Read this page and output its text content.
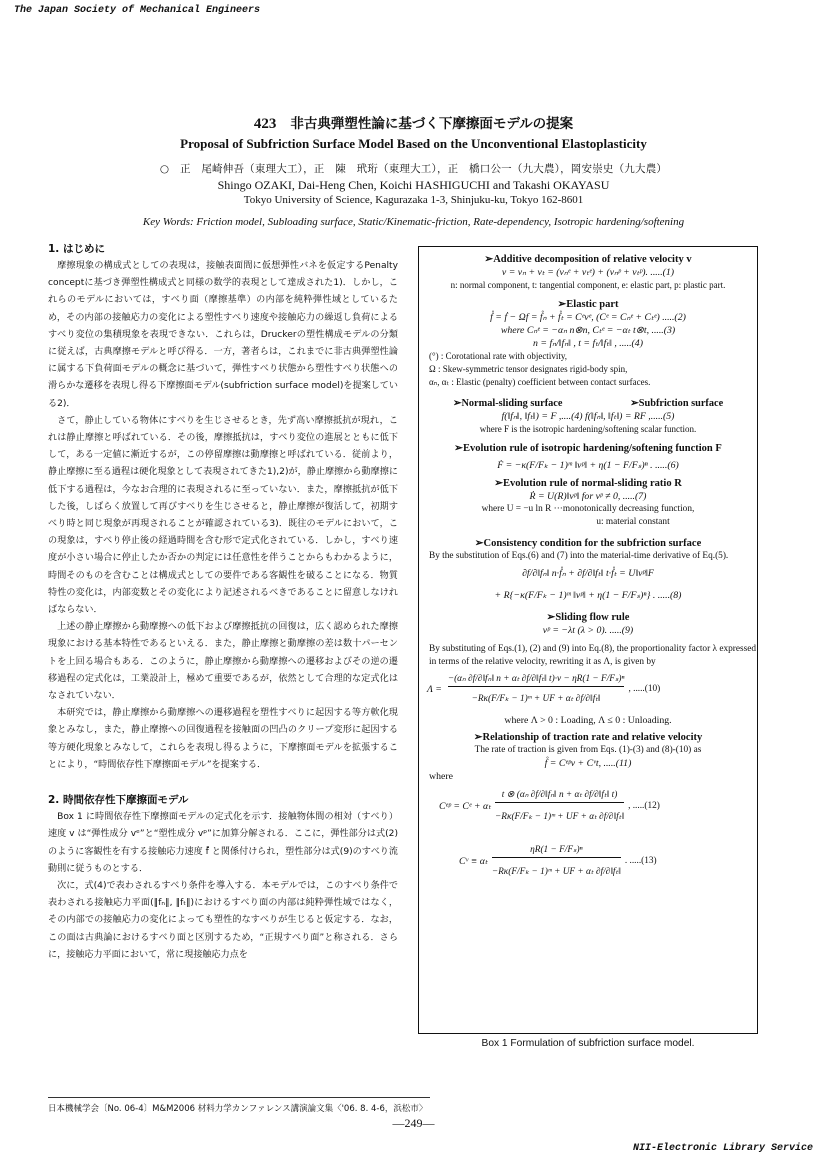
The Japan Society of Mechanical Engineers
423 非古典弾塑性論に基づく下摩擦面モデルの提案
Proposal of Subfriction Surface Model Based on the Unconventional Elastoplasticity
○　正　尾崎伸吾（東理大工），正　陳　玳珩（東理大工），正　橋口公一（九大農），岡安崇史（九大農）
Shingo OZAKI, Dai-Heng Chen, Koichi HASHIGUCHI and Takashi OKAYASU
Tokyo University of Science, Kagurazaka 1-3, Shinjuku-ku, Tokyo 162-8601
Key Words: Friction model, Subloading surface, Static/Kinematic-friction, Rate-dependency, Isotropic hardening/softening
1. はじめに

摩擦現象の構成式としての表現は，接触表面間に仮想弾性バネを仮定するPenalty conceptに基づき弾塑性構成式と同様の数学的表現として達成された1)．しかし，これらのモデルにおいては，すべり面（摩擦基準）の内部を純粋弾性域としているため，その内部の接触応力の変化による塑性すべり速度や接触応力の繰返し負荷によるすべり変位の集積現象を表現できない．これらは，Druckerの塑性構成モデルの分類に従えば，古典摩擦モデルと呼び得る．一方，著者らは，これまでに非古典弾塑性論に属する下負荷面モデルの概念に基づいて，弾性すべり状態から塑性すべり状態への滑らかな遷移を表現し得る下摩擦面モデル(subfriction surface model)を提案している2)．

さて，静止している物体にすべりを生じさせるとき，先ず高い摩擦抵抗が現れ，これは静止摩擦と呼ばれている．その後，摩擦抵抗は，すべり変位の進展とともに低下して，ある一定値に漸近するが，この停留摩擦は動摩擦と呼ばれている．従前より，静止摩擦に至る過程は硬化現象として表現されてきた1),2)が，静止摩擦から動摩擦に低下する過程は，今なお合理的に表現されるに至っていない．また，摩擦抵抗が低下した後，しばらく放置して再びすべりを生じさせると，静止摩擦が復活して，初期すべり時と同じ現象が再現されることが確認されている3)．既往のモデルにおいて，この現象は，すべり停止後の経過時間を含む形で定式化されている．しかし，すべり速度が小さい場合に停止したか否かの判定には任意性を伴うことからもわかるように，時間そのものを含むことは構成式としての要件である客観性を破ることになる．物質特性の変化は，内部変数とその変化により記述されるべきであることに留意しなければならない．

上述の静止摩擦から動摩擦への低下および摩擦抵抗の回復は，広く認められた摩擦現象における基本特性であるといえる．また，静止摩擦と動摩擦の差は数十パーセントを上回る場合もある．このように，静止摩擦から動摩擦への遷移およびその逆の遷移過程の定式化は，工業設計上，極めて重要であるが，依然として合理的な定式化はなされていない．

本研究では，静止摩擦から動摩擦への遷移過程を塑性すべりに起因する等方軟化現象とみなし，また，静止摩擦への回復過程を接触面の凹凸のクリープ変形に起因する等方硬化現象とみなして，これらを表現し得るように，下摩擦面モデルを拡張することにより，“時間依存性下摩擦面モデル”を提案する．

2. 時間依存性下摩擦面モデル

Box 1 に時間依存性下摩擦面モデルの定式化を示す．接触物体間の相対（すべり）速度 v は“弾性成分 vᵉ”と“塑性成分 vᵖ”に加算分解される．ここに，弾性部分は式(2)のように客観性を有する接触応力速度 f̊ と関係付けられ，塑性部分は式(9)のすべり流動則に従うものとする．

次に，式(4)で表わされるすべり条件を導入する．本モデルでは，このすべり条件で表わされる接触応力平面(‖fₙ‖, ‖fₜ‖)におけるすべり面の内部は純粋弾性域ではなく，その内部での接触応力の変化によっても塑性的なすべりが生じると仮定する．なお，この面は古典論におけるすべり面と区別するため，“正規すべり面”と称される．さらに，接触応力平面において，常に現接触応力点を

➢Additive decomposition of relative velocity v
v = vₙ + vₜ = (vₙᵉ + vₜᵉ) + (vₙᵖ + vₜᵖ). .....(1)
n: normal component, t: tangential component, e: elastic part, p: plastic part.
➢Elastic part
f̊ = ḟ − Ωf = f̊ₙ + f̊ₜ = Cᵉvᵉ, (Cᵉ = Cₙᵉ + Cₜᵉ) .....(2)
where Cₙᵉ = −αₙ n⊗n, Cₜᵉ = −αₜ t⊗t, .....(3)
n = fₙ/‖fₙ‖ , t = fₜ/‖fₜ‖ , .....(4)
(°) : Corotational rate with objectivity,
Ω : Skew-symmetric tensor designates rigid-body spin,
αₙ, αₜ : Elastic (penalty) coefficient between contact surfaces.
➢Normal-sliding surface	➢Subfriction surface
f(‖fₙ‖, ‖fₜ‖) = F ,....(4) f(‖fₙ‖, ‖fₜ‖) = RF ,.....(5)
where F is the isotropic hardening/softening scalar function.
➢Evolution rule of isotropic hardening/softening function F
Ḟ = −κ(F/Fₖ − 1)ᵐ ‖vᵖ‖ + η(1 − F/Fₛ)ⁿ . .....(6)
➢Evolution rule of normal-sliding ratio R
Ṙ = U(R)‖vᵖ‖ for vᵖ ≠ 0, .....(7)
where U = −u ln R ···monotonically decreasing function,
u: material constant
➢Consistency condition for the subfriction surface
By the substitution of Eqs.(6) and (7) into the material-time derivative of Eq.(5).
∂f/∂‖fₙ‖ n·f̊ₙ + ∂f/∂‖fₜ‖ t·f̊ₜ = U‖vᵖ‖F
+ R{−κ(F/Fₖ − 1)ᵐ ‖vᵖ‖ + η(1 − F/Fₛ)ⁿ} . .....(8)
➢Sliding flow rule
vᵖ = −λt (λ > 0). .....(9)
By substituting of Eqs.(1), (2) and (9) into Eq.(8), the proportionality factor λ expressed in terms of the relative velocity, rewriting it as Λ, is given by
$\Lambda = \frac{\text{−(αₙ ∂f/∂‖fₙ‖ n + αₜ ∂f/∂‖fₜ‖ t)·v − ηR(1 − F/Fₛ)ⁿ}}{\text{−Rκ(F/Fₖ − 1)ᵐ + UF + αₜ ∂f/∂‖fₜ‖}}$ , .....(10)
where Λ > 0 : Loading, Λ ≤ 0 : Unloading.
➢Relationship of traction rate and relative velocity
The rate of traction is given from Eqs. (1)-(3) and (8)-(10) as
f̊ = Cᵉᵖv + Cᵛt, .....(11)
where
Cᵉᵖ = Cᵉ + αₜ $\frac{\text{t ⊗ (αₙ ∂f/∂‖fₙ‖ n + αₜ ∂f/∂‖fₜ‖ t)}}{\text{−Rκ(F/Fₖ − 1)ᵐ + UF + αₜ ∂f/∂‖fₜ‖}}$ , .....(12)
Cᵛ ≡ αₜ $\frac{\text{ηR(1 − F/Fₛ)ⁿ}}{\text{−Rκ(F/Fₖ − 1)ᵐ + UF + αₜ ∂f/∂‖fₜ‖}}$ . .....(13)
Box 1 Formulation of subfriction surface model.
日本機械学会〔No. 06-4〕M&M2006 材料力学カンファレンス講演論文集〈'06. 8. 4-6，浜松市〉
—249—
NII-Electronic Library Service
